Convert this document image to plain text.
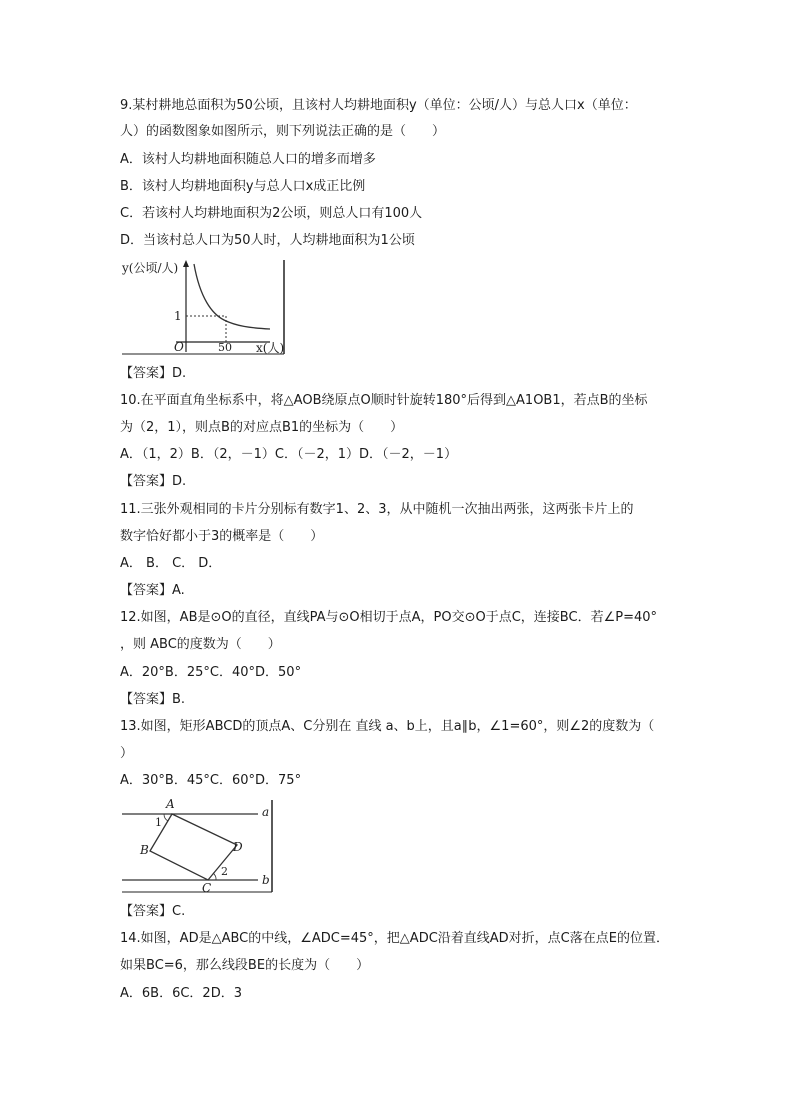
9.某村耕地总面积为50公顷，且该村人均耕地面积y（单位：公顷/人）与总人口x（单位：
人）的函数图象如图所示，则下列说法正确的是（　　）
A．该村人均耕地面积随总人口的增多而增多
B．该村人均耕地面积y与总人口x成正比例
C．若该村人均耕地面积为2公顷，则总人口有100人
D．当该村总人口为50人时，人均耕地面积为1公顷
y(公顷/人)
1
O	50 x(人)
【答案】D.
10.在平面直角坐标系中，将△AOB绕原点O顺时针旋转180°后得到△A1OB1，若点B的坐标
为（2，1），则点B的对应点B1的坐标为（　　）
A．（1，2）B．（2，－1）C．（－2，1）D．（－2，－1）
【答案】D.
11.三张外观相同的卡片分别标有数字1、2、3，从中随机一次抽出两张，这两张卡片上的
数字恰好都小于3的概率是（　　）
A． B． C． D．
【答案】A.
12.如图，AB是⊙O的直径，直线PA与⊙O相切于点A，PO交⊙O于点C，连接BC．若∠P=40°
，则 ABC的度数为（　　）
A．20°B．25°C．40°D．50°
【答案】B.
13.如图，矩形ABCD的顶点A、C分别在 直线 a、b上，且a∥b，∠1=60°，则∠2的度数为（
）
A．30°B．45°C．60°D．75°
A
B	D
C
1
2
a
b
【答案】C.
14.如图，AD是△ABC的中线，∠ADC=45°，把△ADC沿着直线AD对折，点C落在点E的位置．
如果BC=6，那么线段BE的长度为（　　）
A．6B．6C．2D．3
